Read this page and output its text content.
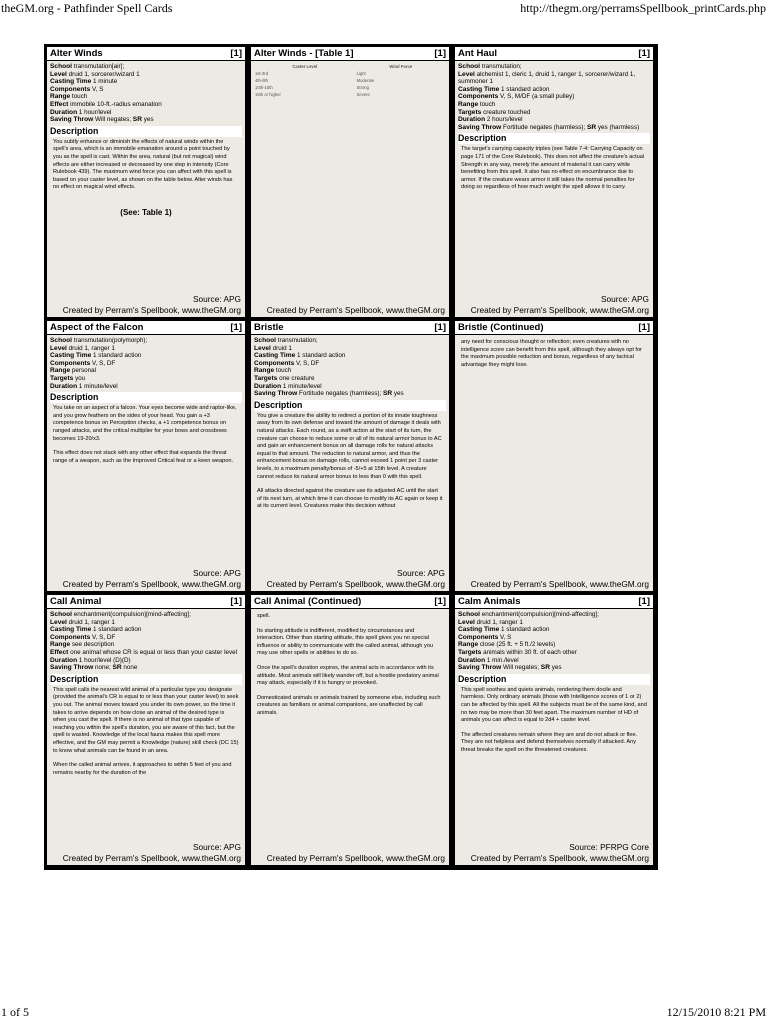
theGM.org - Pathfinder Spell Cards	http://thegm.org/perramsSpellbook_printCards.php
Alter Winds	[1]

School transmutation[air];

Level druid 1, sorcerer/wizard 1

Casting Time 1 minute

Components V, S

Range touch

Effect immobile 10-ft.-radius emanation

Duration 1 hour/level

Saving Throw Will negates; SR yes

Description

You subtly enhance or diminish the effects of natural winds within the spell's area, which is an immobile emanation around a point touched by you as the spell is cast. Within the area, natural (but not magical) wind effects are either increased or decreased by one step in intensity (Core Rulebook 439). The maximum wind force you can affect with this spell is based on your caster level, as shown on the table below. Alter winds has no effect on magical wind effects.

(See: Table 1)
Source: APG
Created by Perram's Spellbook, www.theGM.org
Alter Winds - [Table 1]	[1]
Caster Level	Wind Force
1st-3rd	Light
4th-9th	Moderate
10th-15th	Strong
16th or higher	Severe
Created by Perram's Spellbook, www.theGM.org
Ant Haul	[1]

School transmutation;

Level alchemist 1, cleric 1, druid 1, ranger 1, sorcerer/wizard 1, summoner 1

Casting Time 1 standard action

Components V, S, M/DF (a small pulley)

Range touch

Targets creature touched

Duration 2 hours/level

Saving Throw Fortitude negates (harmless); SR yes (harmless)

Description

The target's carrying capacity triples (see Table 7-4: Carrying Capacity on page 171 of the Core Rulebook). This does not affect the creature's actual Strength in any way, merely the amount of material it can carry while benefiting from this spell. It also has no effect on encumbrance due to armor. If the creature wears armor it still takes the normal penalties for doing so regardless of how much weight the spell allows it to carry.

Source: APG
Created by Perram's Spellbook, www.theGM.org
Aspect of the Falcon	[1]

School transmutation(polymorph);

Level druid 1, ranger 1

Casting Time 1 standard action

Components V, S, DF

Range personal

Targets you

Duration 1 minute/level

Description

You take on an aspect of a falcon. Your eyes become wide and raptor-like, and you grow feathers on the sides of your head. You gain a +3 competence bonus on Perception checks, a +1 competence bonus on ranged attacks, and the critical multiplier for your bows and crossbows becomes 19-20/x3.

This effect does not stack with any other effect that expands the threat range of a weapon, such as the Improved Critical feat or a keen weapon.

Source: APG
Created by Perram's Spellbook, www.theGM.org
Bristle	[1]

School transmutation;

Level druid 1

Casting Time 1 standard action

Components V, S, DF

Range touch

Targets one creature

Duration 1 minute/level

Saving Throw Fortitude negates (harmless); SR yes

Description

You give a creature the ability to redirect a portion of its innate toughness away from its own defense and toward the amount of damage it deals with natural attacks. Each round, as a swift action at the start of its turn, the creature can choose to reduce some or all of its natural armor bonus to AC and gain an enhancement bonus on all damage rolls for natural attacks equal to that amount. The reduction to natural armor, and thus the enhancement bonus on damage rolls, cannot exceed 1 point per 3 caster levels, to a maximum penalty/bonus of -5/+5 at 15th level. A creature cannot reduce its natural armor bonus to less than 0 with this spell.

All attacks directed against the creature use its adjusted AC until the start of its next turn, at which time it can choose to modify its AC again or keep it at its current level. Creatures make this decision without

Source: APG
Created by Perram's Spellbook, www.theGM.org
Bristle (Continued)	[1]

any need for conscious thought or reflection; even creatures with no intelligence score can benefit from this spell, although they always opt for the maximum possible reduction and bonus, regardless of any tactical advantage they might lose.

Created by Perram's Spellbook, www.theGM.org
Call Animal	[1]

School enchantment(compulsion)[mind-affecting];

Level druid 1, ranger 1

Casting Time 1 standard action

Components V, S, DF

Range see description

Effect one animal whose CR is equal or less than your caster level

Duration 1 hour/level (D)(D)

Saving Throw none; SR none

Description

This spell calls the nearest wild animal of a particular type you designate (provided the animal's CR is equal to or less than your caster level) to seek you out. The animal moves toward you under its own power, so the time it takes to arrive depends on how close an animal of the desired type is when you cast the spell. If there is no animal of that type capable of reaching you within the spell's duration, you are aware of this fact, but the spell is wasted. Knowledge of the local fauna makes this spell more effective, and the GM may permit a Knowledge (nature) skill check (DC 15) to know what animals can be found in an area.

When the called animal arrives, it approaches to within 5 feet of you and remains nearby for the duration of the

Source: APG
Created by Perram's Spellbook, www.theGM.org
Call Animal (Continued)	[1]

spell.

Its starting attitude is indifferent, modified by circumstances and interaction. Other than starting attitude, this spell gives you no special influence or ability to communicate with the called animal, although you may use other spells or abilities to do so.

Once the spell's duration expires, the animal acts in accordance with its attitude. Most animals will likely wander off, but a hostile predatory animal may attack, especially if it is hungry or provoked.

Domesticated animals or animals trained by someone else, including such creatures as familiars or animal companions, are unaffected by call animals.

Created by Perram's Spellbook, www.theGM.org
Calm Animals	[1]

School enchantment(compulsion)[mind-affecting];

Level druid 1, ranger 1

Casting Time 1 standard action

Components V, S

Range close (25 ft. + 5 ft./2 levels)

Targets animals within 30 ft. of each other

Duration 1 min./level

Saving Throw Will negates; SR yes

Description

This spell soothes and quiets animals, rendering them docile and harmless. Only ordinary animals (those with Intelligence scores of 1 or 2) can be affected by this spell. All the subjects must be of the same kind, and no two may be more than 30 feet apart. The maximum number of HD of animals you can affect is equal to 2d4 + caster level.

The affected creatures remain where they are and do not attack or flee. They are not helpless and defend themselves normally if attacked. Any threat breaks the spell on the threatened creatures.

Source: PFRPG Core
Created by Perram's Spellbook, www.theGM.org
1 of 5	12/15/2010 8:21 PM
